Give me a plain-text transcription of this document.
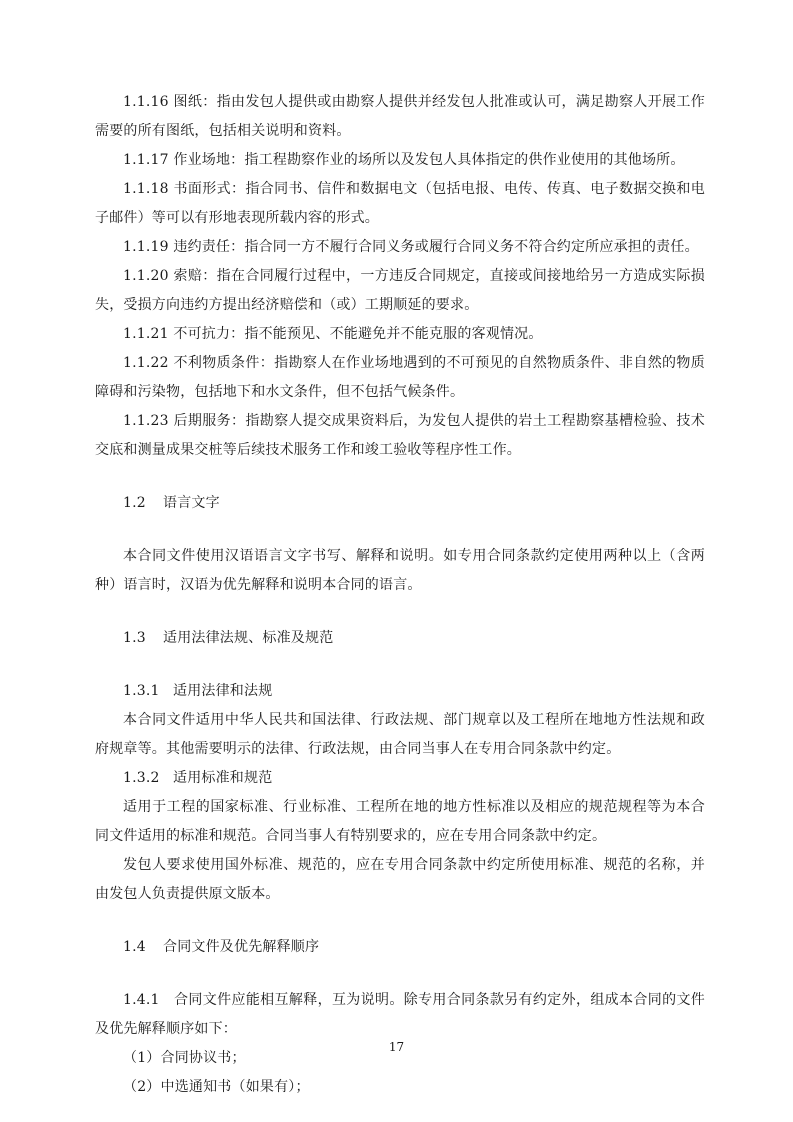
1.1.16 图纸：指由发包人提供或由勘察人提供并经发包人批准或认可，满足勘察人开展工作需要的所有图纸，包括相关说明和资料。

1.1.17 作业场地：指工程勘察作业的场所以及发包人具体指定的供作业使用的其他场所。

1.1.18 书面形式：指合同书、信件和数据电文（包括电报、电传、传真、电子数据交换和电子邮件）等可以有形地表现所载内容的形式。

1.1.19 违约责任：指合同一方不履行合同义务或履行合同义务不符合约定所应承担的责任。

1.1.20 索赔：指在合同履行过程中，一方违反合同规定，直接或间接地给另一方造成实际损失，受损方向违约方提出经济赔偿和（或）工期顺延的要求。

1.1.21 不可抗力：指不能预见、不能避免并不能克服的客观情况。

1.1.22 不利物质条件：指勘察人在作业场地遇到的不可预见的自然物质条件、非自然的物质障碍和污染物，包括地下和水文条件，但不包括气候条件。

1.1.23 后期服务：指勘察人提交成果资料后，为发包人提供的岩土工程勘察基槽检验、技术交底和测量成果交桩等后续技术服务工作和竣工验收等程序性工作。

1.2 语言文字

本合同文件使用汉语语言文字书写、解释和说明。如专用合同条款约定使用两种以上（含两种）语言时，汉语为优先解释和说明本合同的语言。

1.3 适用法律法规、标准及规范
1.3.1 适用法律和法规

本合同文件适用中华人民共和国法律、行政法规、部门规章以及工程所在地地方性法规和政府规章等。其他需要明示的法律、行政法规，由合同当事人在专用合同条款中约定。

1.3.2 适用标准和规范

适用于工程的国家标准、行业标准、工程所在地的地方性标准以及相应的规范规程等为本合同文件适用的标准和规范。合同当事人有特别要求的，应在专用合同条款中约定。

发包人要求使用国外标准、规范的，应在专用合同条款中约定所使用标准、规范的名称，并由发包人负责提供原文版本。

1.4 合同文件及优先解释顺序

1.4.1 合同文件应能相互解释，互为说明。除专用合同条款另有约定外，组成本合同的文件及优先解释顺序如下：

（1）合同协议书；

（2）中选通知书（如果有）；

17
